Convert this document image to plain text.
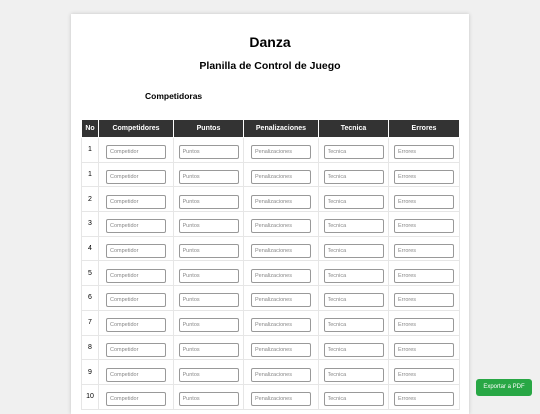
Danza
Planilla de Control de Juego
Competidoras
No	Competidores	Puntos	Penalizaciones	Tecnica	Errores
1	Competidor	Puntos	Penalizaciones	Tecnica	Errores
1	Competidor	Puntos	Penalizaciones	Tecnica	Errores
2	Competidor	Puntos	Penalizaciones	Tecnica	Errores
3	Competidor	Puntos	Penalizaciones	Tecnica	Errores
4	Competidor	Puntos	Penalizaciones	Tecnica	Errores
5	Competidor	Puntos	Penalizaciones	Tecnica	Errores
6	Competidor	Puntos	Penalizaciones	Tecnica	Errores
7	Competidor	Puntos	Penalizaciones	Tecnica	Errores
8	Competidor	Puntos	Penalizaciones	Tecnica	Errores
9	Competidor	Puntos	Penalizaciones	Tecnica	Errores
10	Competidor	Puntos	Penalizaciones	Tecnica	Errores
Exportar a PDF
